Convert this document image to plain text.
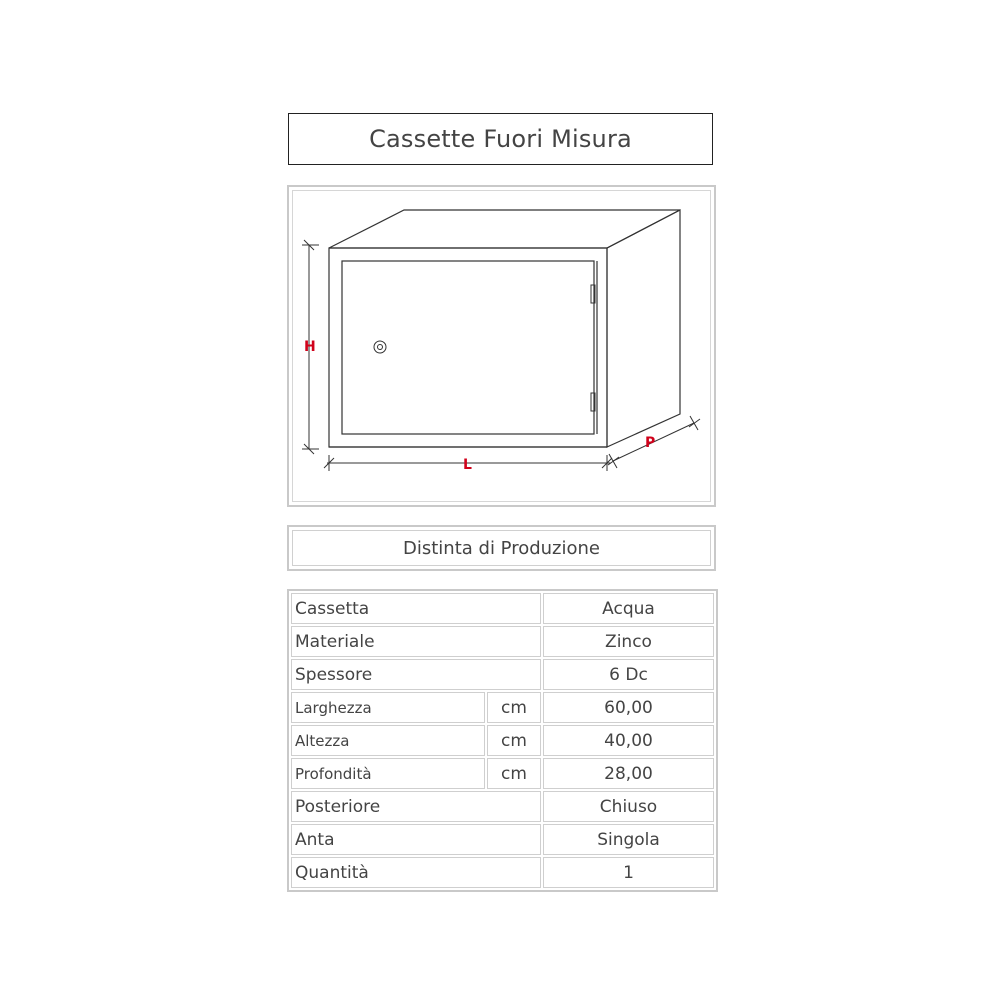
Cassette Fuori Misura
H
L
P
Distinta di Produzione
Cassetta		Acqua
Materiale		Zinco
Spessore		6 Dc
Larghezza	cm	60,00
Altezza	cm	40,00
Profondità	cm	28,00
Posteriore		Chiuso
Anta		Singola
Quantità		1
